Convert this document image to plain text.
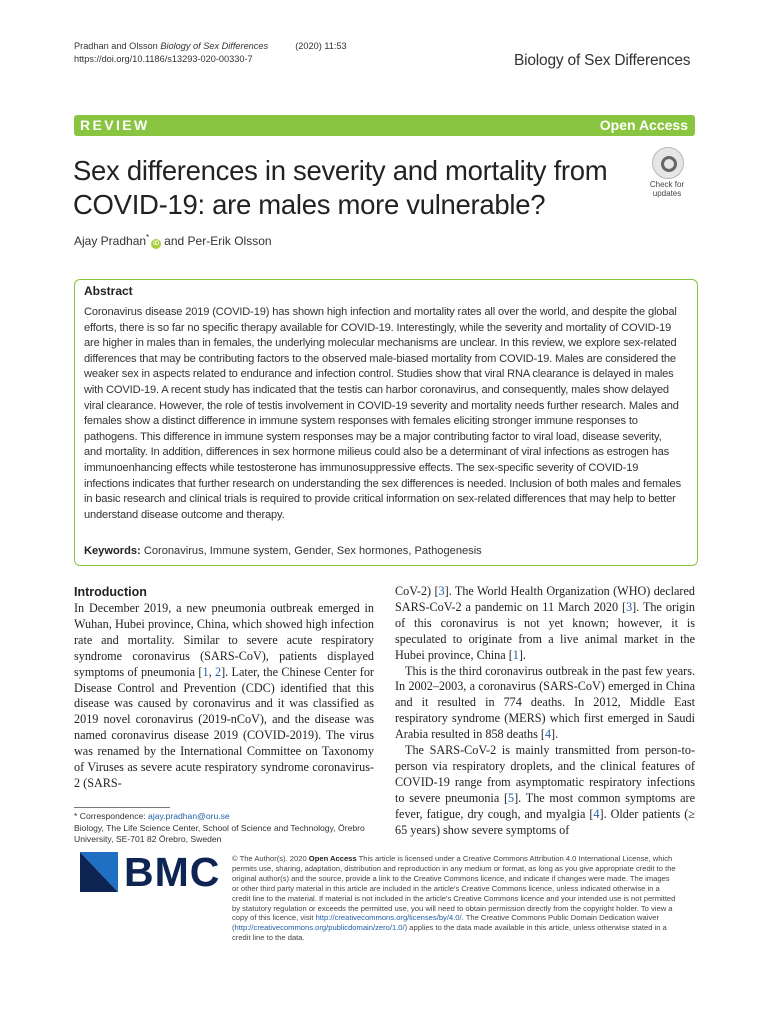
Pradhan and Olsson Biology of Sex Differences	(2020) 11:53
https://doi.org/10.1186/s13293-020-00330-7	Biology of Sex Differences
REVIEW	Open Access
Sex differences in severity and mortality from COVID-19: are males more vulnerable?
Check for updates
Ajay Pradhan*iD and Per-Erik Olsson
Abstract
Coronavirus disease 2019 (COVID-19) has shown high infection and mortality rates all over the world, and despite the global efforts, there is so far no specific therapy available for COVID-19. Interestingly, while the severity and mortality of COVID-19 are higher in males than in females, the underlying molecular mechanisms are unclear. In this review, we explore sex-related differences that may be contributing factors to the observed male-biased mortality from COVID-19. Males are considered the weaker sex in aspects related to endurance and infection control. Studies show that viral RNA clearance is delayed in males with COVID-19. A recent study has indicated that the testis can harbor coronavirus, and consequently, males show delayed viral clearance. However, the role of testis involvement in COVID-19 severity and mortality needs further research. Males and females show a distinct difference in immune system responses with females eliciting stronger immune responses to pathogens. This difference in immune system responses may be a major contributing factor to viral load, disease severity, and mortality. In addition, differences in sex hormone milieus could also be a determinant of viral infections as estrogen has immunoenhancing effects while testosterone has immunosuppressive effects. The sex-specific severity of COVID-19 infections indicates that further research on understanding the sex differences is needed. Inclusion of both males and females in basic research and clinical trials is required to provide critical information on sex-related differences that may help to better understand disease outcome and therapy.
Keywords: Coronavirus, Immune system, Gender, Sex hormones, Pathogenesis
Introduction

In December 2019, a new pneumonia outbreak emerged in Wuhan, Hubei province, China, which showed high infection rate and mortality. Similar to severe acute respiratory syndrome coronavirus (SARS-CoV), patients displayed symptoms of pneumonia [1, 2]. Later, the Chinese Center for Disease Control and Prevention (CDC) identified that this disease was caused by coronavirus and it was classified as 2019 novel coronavirus (2019-nCoV), and the disease was named coronavirus disease 2019 (COVID-2019). The virus was renamed by the International Committee on Taxonomy of Viruses as severe acute respiratory syndrome coronavirus-2 (SARS-

CoV-2) [3]. The World Health Organization (WHO) declared SARS-CoV-2 a pandemic on 11 March 2020 [3]. The origin of this coronavirus is not yet known; however, it is speculated to originate from a live animal market in the Hubei province, China [1].

This is the third coronavirus outbreak in the past few years. In 2002–2003, a coronavirus (SARS-CoV) emerged in China and it resulted in 774 deaths. In 2012, Middle East respiratory syndrome (MERS) which first emerged in Saudi Arabia resulted in 858 deaths [4].

The SARS-CoV-2 is mainly transmitted from person-to-person via respiratory droplets, and the clinical features of COVID-19 range from asymptomatic respiratory infections to severe pneumonia [5]. The most common symptoms are fever, fatigue, dry cough, and myalgia [4]. Older patients (≥ 65 years) show severe symptoms of

* Correspondence: ajay.pradhan@oru.se
Biology, The Life Science Center, School of Science and Technology, Örebro University, SE-701 82 Örebro, Sweden
BMC © The Author(s). 2020 Open Access This article is licensed under a Creative Commons Attribution 4.0 International License, which permits use, sharing, adaptation, distribution and reproduction in any medium or format, as long as you give appropriate credit to the original author(s) and the source, provide a link to the Creative Commons licence, and indicate if changes were made. The images or other third party material in this article are included in the article's Creative Commons licence, unless indicated otherwise in a credit line to the material. If material is not included in the article's Creative Commons licence and your intended use is not permitted by statutory regulation or exceeds the permitted use, you will need to obtain permission directly from the copyright holder. To view a copy of this licence, visit http://creativecommons.org/licenses/by/4.0/. The Creative Commons Public Domain Dedication waiver (http://creativecommons.org/publicdomain/zero/1.0/) applies to the data made available in this article, unless otherwise stated in a credit line to the data.
